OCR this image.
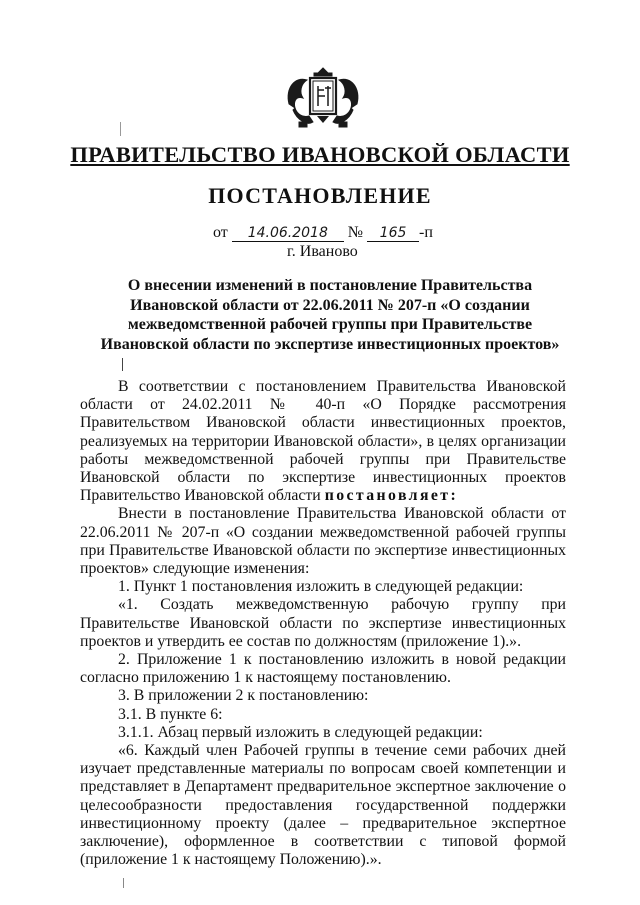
ПРАВИТЕЛЬСТВО ИВАНОВСКОЙ ОБЛАСТИ
ПОСТАНОВЛЕНИЕ
от 14.06.2018 № 165 -п
г. Иваново
О внесении изменений в постановление Правительства Ивановской области от 22.06.2011 № 207-п «О создании межведомственной рабочей группы при Правительстве Ивановской области по экспертизе инвестиционных проектов»

В соответствии с постановлением Правительства Ивановской области от 24.02.2011 № 40-п «О Порядке рассмотрения Правительством Ивановской области инвестиционных проектов, реализуемых на территории Ивановской области», в целях организации работы межведомственной рабочей группы при Правительстве Ивановской области по экспертизе инвестиционных проектов Правительство Ивановской области постановляет:

Внести в постановление Правительства Ивановской области от 22.06.2011 № 207-п «О создании межведомственной рабочей группы при Правительстве Ивановской области по экспертизе инвестиционных проектов» следующие изменения:

1. Пункт 1 постановления изложить в следующей редакции:

«1. Создать межведомственную рабочую группу при Правительстве Ивановской области по экспертизе инвестиционных проектов и утвердить ее состав по должностям (приложение 1).».

2. Приложение 1 к постановлению изложить в новой редакции согласно приложению 1 к настоящему постановлению.

3. В приложении 2 к постановлению:

3.1. В пункте 6:

3.1.1. Абзац первый изложить в следующей редакции:

«6. Каждый член Рабочей группы в течение семи рабочих дней изучает представленные материалы по вопросам своей компетенции и представляет в Департамент предварительное экспертное заключение о целесообразности предоставления государственной поддержки инвестиционному проекту (далее – предварительное экспертное заключение), оформленное в соответствии с типовой формой (приложение 1 к настоящему Положению).».
